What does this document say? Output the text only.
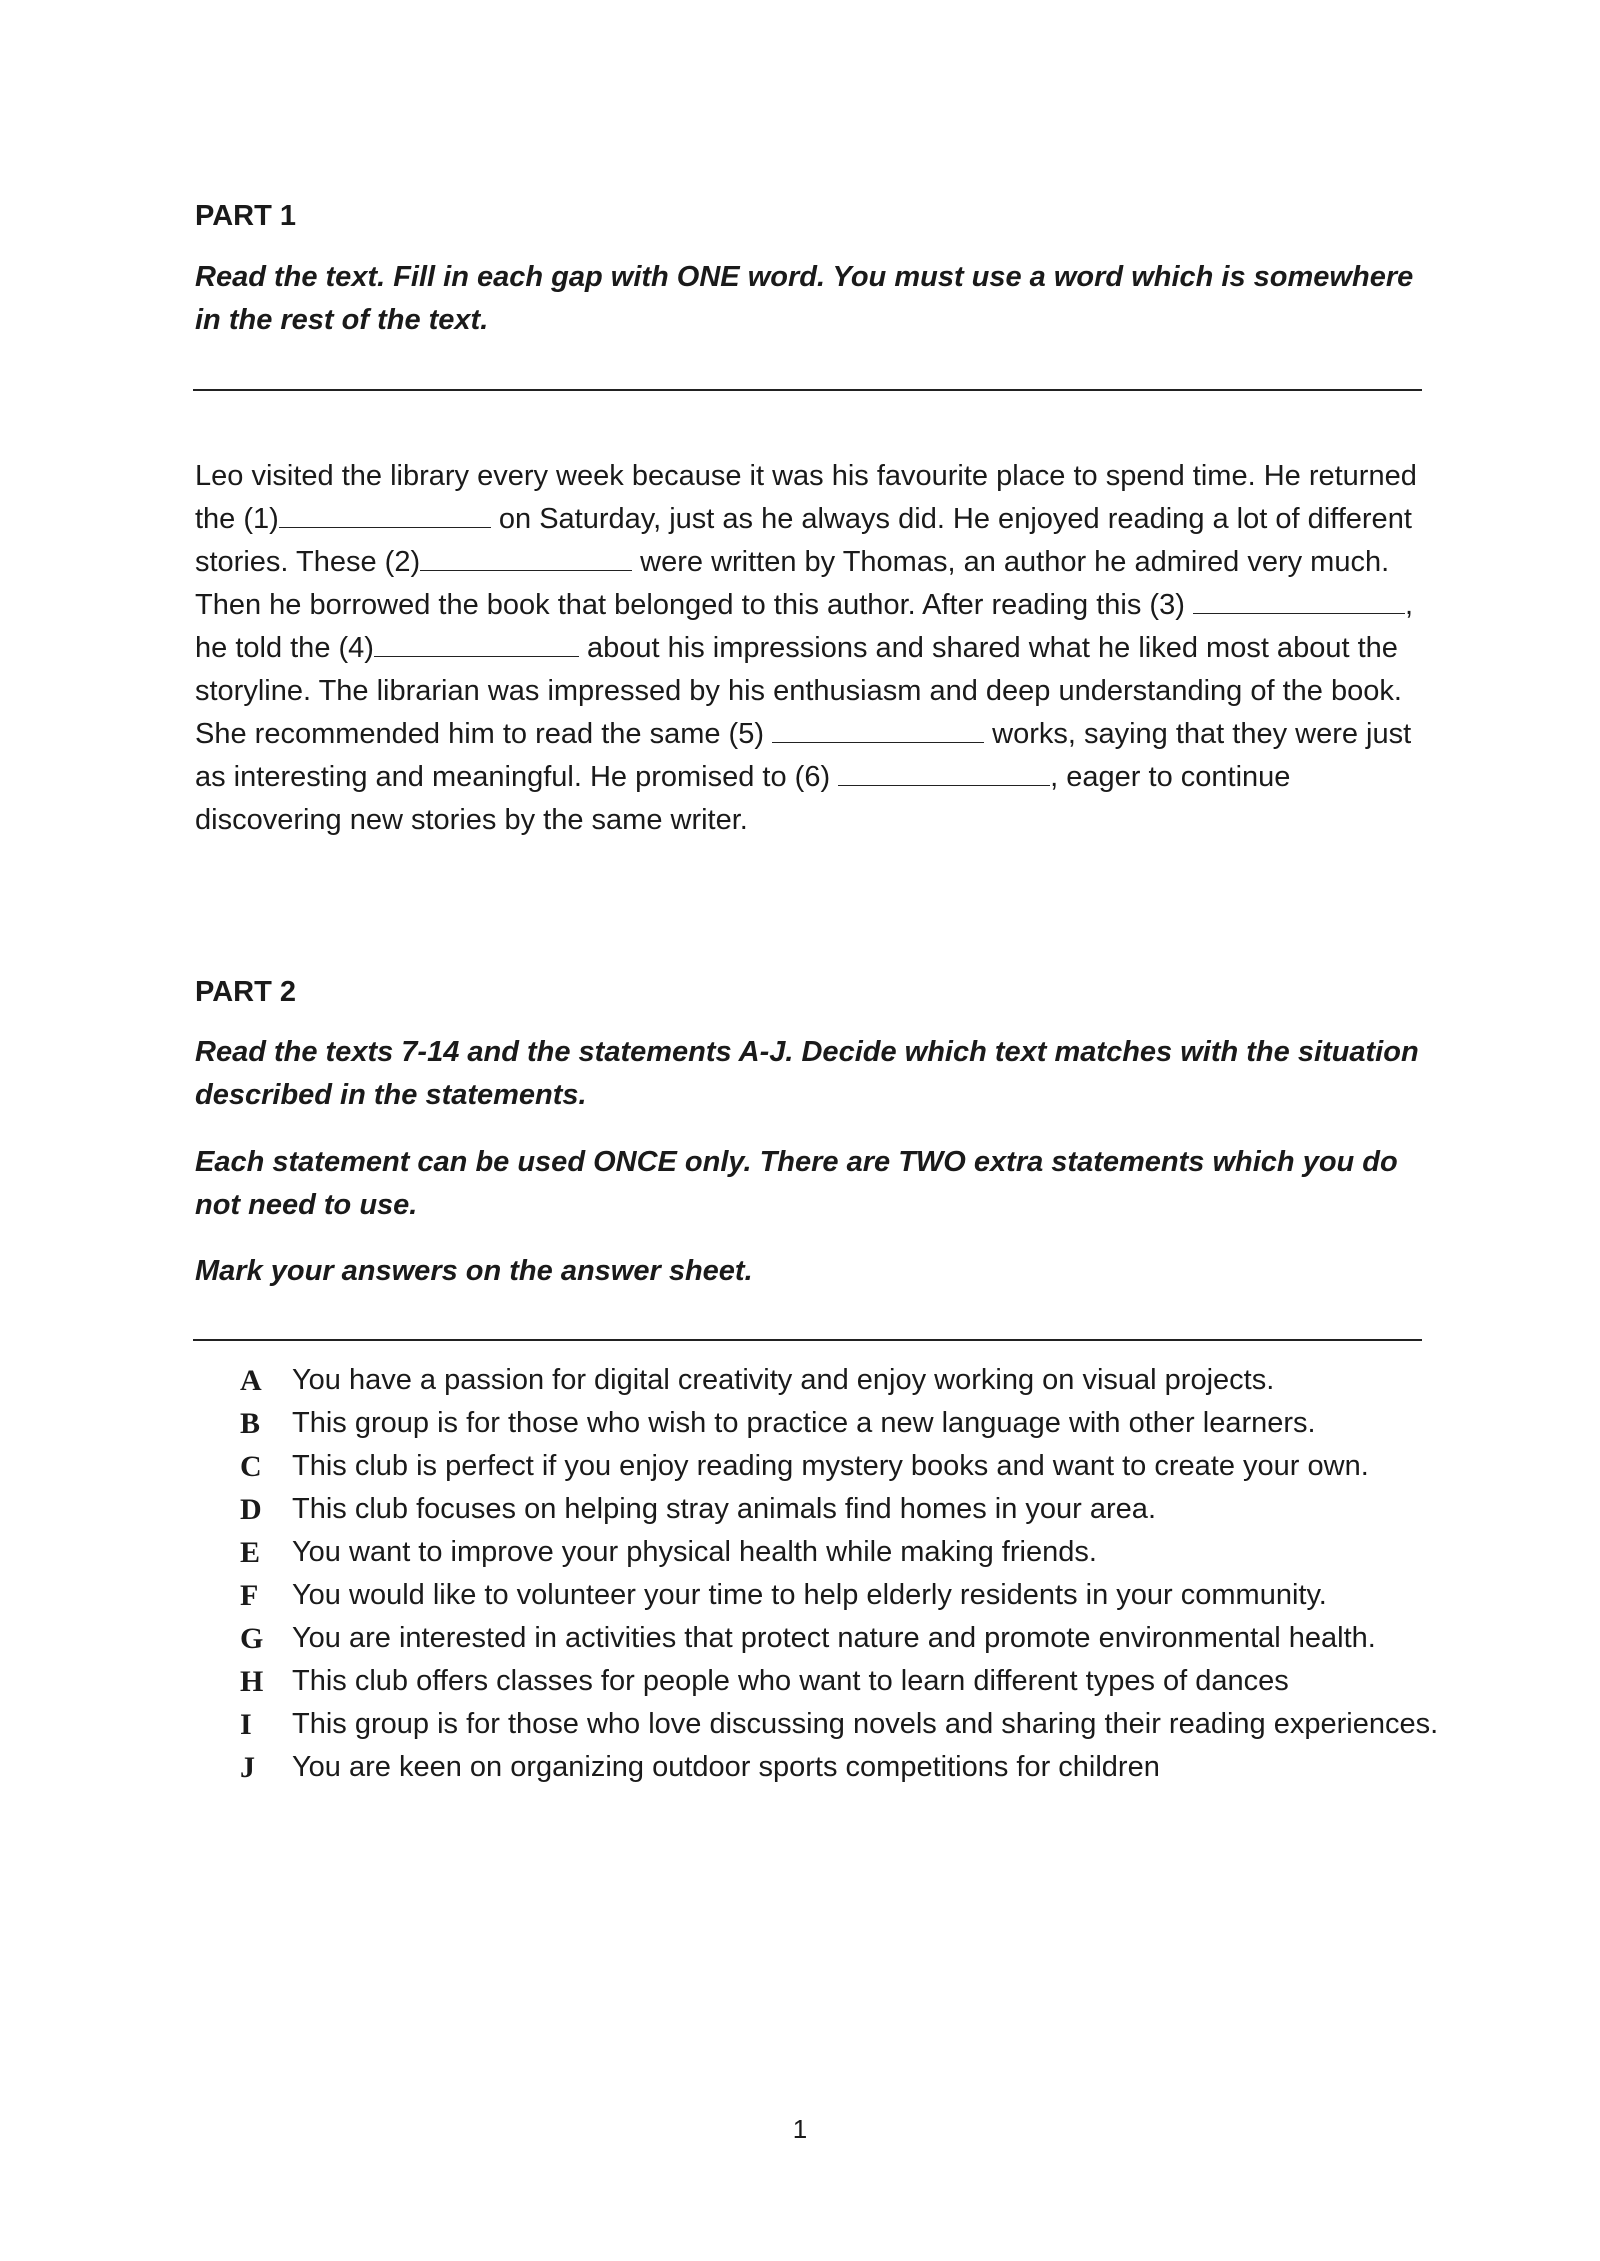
PART 1

Read the text. Fill in each gap with ONE word. You must use a word which is somewhere in the rest of the text.

Leo visited the library every week because it was his favourite place to spend time. He returned the (1)	on Saturday, just as he always did. He enjoyed reading a lot of different stories. These (2)	were written by Thomas, an author he admired very much. Then he borrowed the book that belonged to this author. After reading this (3)	, he told the (4)	about his impressions and shared what he liked most about the storyline. The librarian was impressed by his enthusiasm and deep understanding of the book. She recommended him to read the same (5)	works, saying that they were just as interesting and meaningful. He promised to (6)	, eager to continue discovering new stories by the same writer.

PART 2

Read the texts 7-14 and the statements A-J. Decide which text matches with the situation described in the statements.

Each statement can be used ONCE only. There are TWO extra statements which you do not need to use.

Mark your answers on the answer sheet.

A You have a passion for digital creativity and enjoy working on visual projects.
B This group is for those who wish to practice a new language with other learners.
C This club is perfect if you enjoy reading mystery books and want to create your own.
D This club focuses on helping stray animals find homes in your area.
E You want to improve your physical health while making friends.
F You would like to volunteer your time to help elderly residents in your community.
G You are interested in activities that protect nature and promote environmental health.
H This club offers classes for people who want to learn different types of dances
I This group is for those who love discussing novels and sharing their reading experiences.
J You are keen on organizing outdoor sports competitions for children
1
